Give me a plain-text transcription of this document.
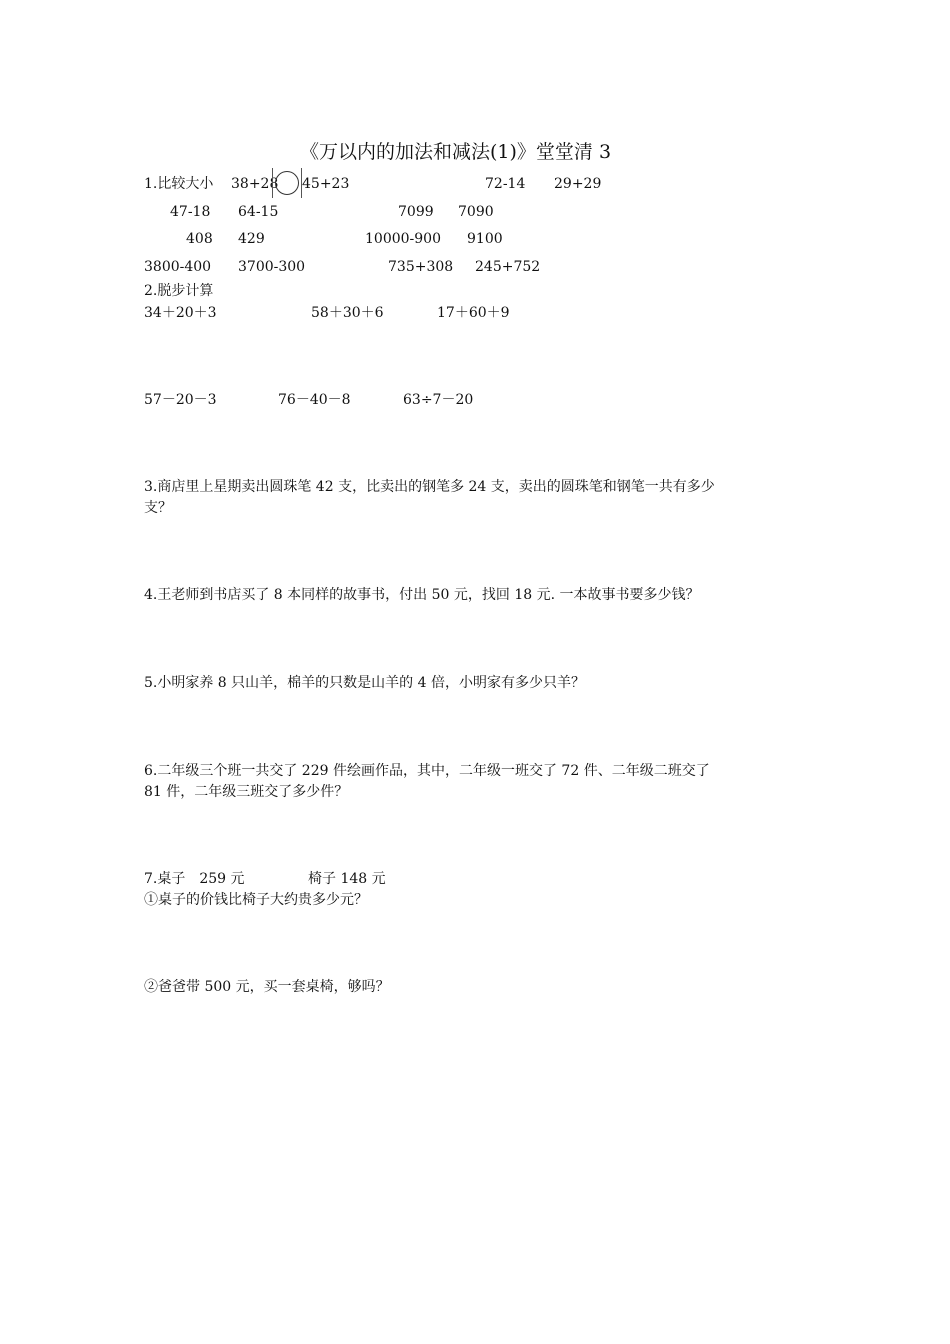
《万以内的加法和减法(1)》堂堂清 3
1.比较大小 38+28 45+23	72-14 29+29
47-18 64-15	7099 7090
408 429	10000-900 9100
3800-400 3700-300	735+308 245+752
2.脱步计算
34＋20＋3	58＋30＋6	17＋60＋9
57－20－3	76－40－8	63÷7－20
3.商店里上星期卖出圆珠笔 42 支，比卖出的钢笔多 24 支，卖出的圆珠笔和钢笔一共有多少
支？
4.王老师到书店买了 8 本同样的故事书，付出 50 元，找回 18 元. 一本故事书要多少钱？
5.小明家养 8 只山羊，棉羊的只数是山羊的 4 倍，小明家有多少只羊？
6.二年级三个班一共交了 229 件绘画作品，其中，二年级一班交了 72 件、二年级二班交了
81 件，二年级三班交了多少件？
7.桌子　259 元	椅子 148 元
①桌子的价钱比椅子大约贵多少元？
②爸爸带 500 元，买一套桌椅，够吗？
